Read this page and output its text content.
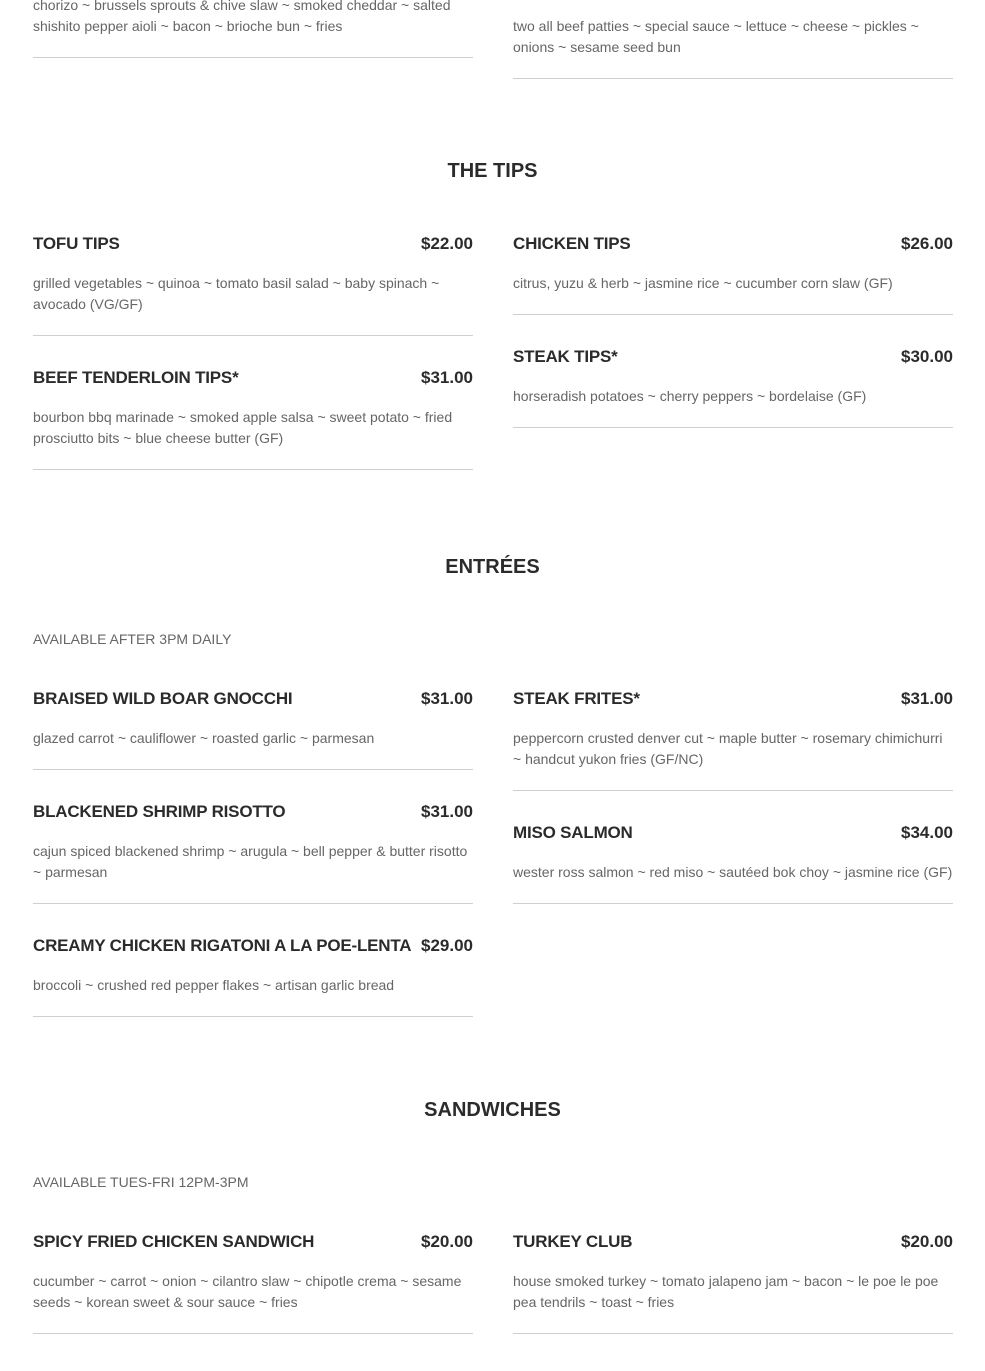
chorizo ~ brussels sprouts & chive slaw ~ smoked cheddar ~ salted shishito pepper aioli ~ bacon ~ brioche bun ~ fries	two all beef patties ~ special sauce ~ lettuce ~ cheese ~ pickles ~ onions ~ sesame seed bun

THE TIPS
TOFU TIPS	$22.00

grilled vegetables ~ quinoa ~ tomato basil salad ~ baby spinach ~ avocado (VG/GF)

CHICKEN TIPS	$26.00

citrus, yuzu & herb ~ jasmine rice ~ cucumber corn slaw (GF)

BEEF TENDERLOIN TIPS*	$31.00

bourbon bbq marinade ~ smoked apple salsa ~ sweet potato ~ fried prosciutto bits ~ blue cheese butter (GF)

STEAK TIPS*	$30.00

horseradish potatoes ~ cherry peppers ~ bordelaise (GF)

ENTRÉES
AVAILABLE AFTER 3PM DAILY
BRAISED WILD BOAR GNOCCHI	$31.00

glazed carrot ~ cauliflower ~ roasted garlic ~ parmesan

STEAK FRITES*	$31.00

peppercorn crusted denver cut ~ maple butter ~ rosemary chimichurri ~ handcut yukon fries (GF/NC)

BLACKENED SHRIMP RISOTTO	$31.00

cajun spiced blackened shrimp ~ arugula ~ bell pepper & butter risotto ~ parmesan

MISO SALMON	$34.00

wester ross salmon ~ red miso ~ sautéed bok choy ~ jasmine rice (GF)

CREAMY CHICKEN RIGATONI A LA POE-LENTA $29.00

broccoli ~ crushed red pepper flakes ~ artisan garlic bread

SANDWICHES
AVAILABLE TUES-FRI 12PM-3PM
SPICY FRIED CHICKEN SANDWICH	$20.00

cucumber ~ carrot ~ onion ~ cilantro slaw ~ chipotle crema ~ sesame seeds ~ korean sweet & sour sauce ~ fries

TURKEY CLUB	$20.00

house smoked turkey ~ tomato jalapeno jam ~ bacon ~ le poe le poe pea tendrils ~ toast ~ fries
